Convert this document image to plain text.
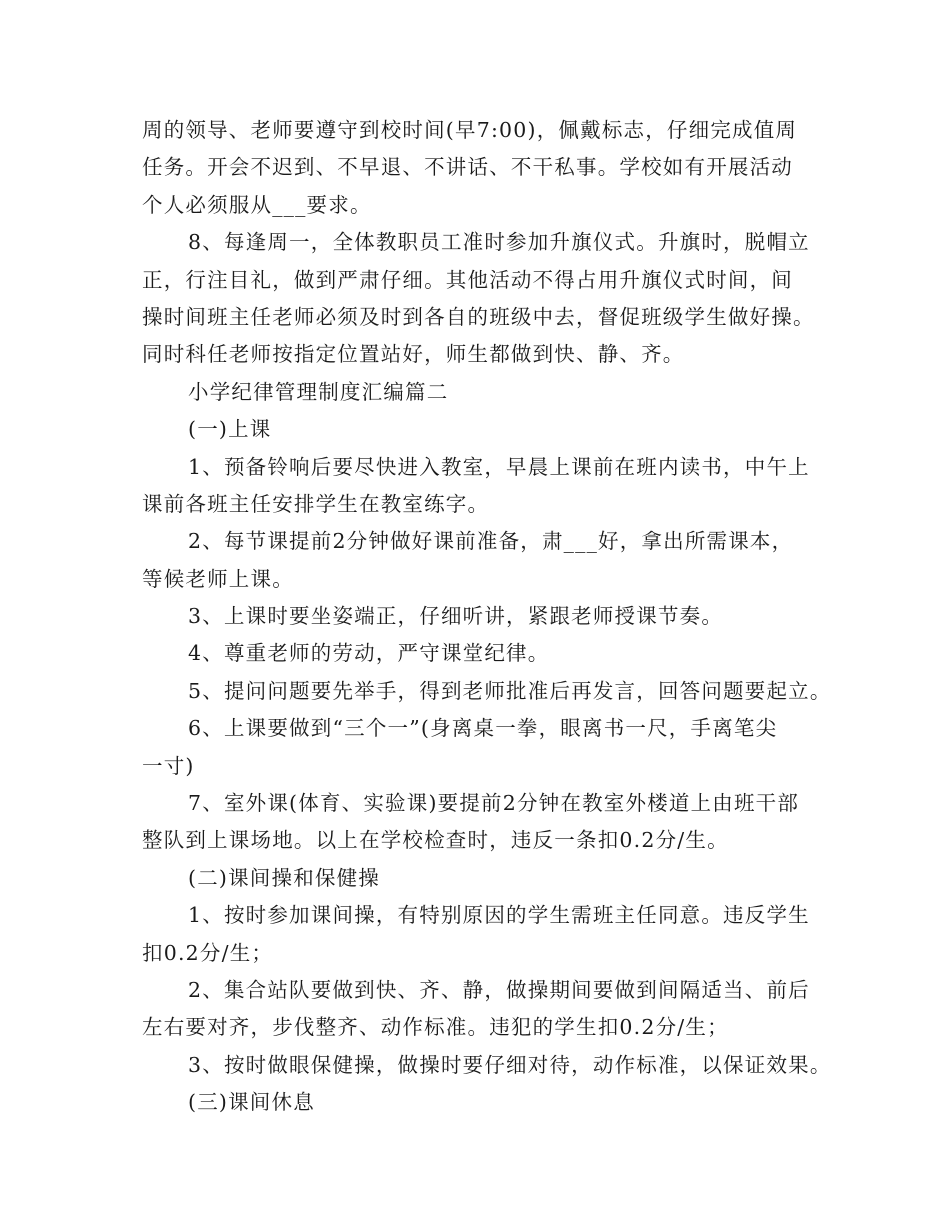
周的领导、老师要遵守到校时间(早7:00)，佩戴标志，仔细完成值周
任务。开会不迟到、不早退、不讲话、不干私事。学校如有开展活动
个人必须服从___要求。
8、每逢周一，全体教职员工准时参加升旗仪式。升旗时，脱帽立
正，行注目礼，做到严肃仔细。其他活动不得占用升旗仪式时间，间
操时间班主任老师必须及时到各自的班级中去，督促班级学生做好操。
同时科任老师按指定位置站好，师生都做到快、静、齐。
小学纪律管理制度汇编篇二
(一)上课
1、预备铃响后要尽快进入教室，早晨上课前在班内读书，中午上
课前各班主任安排学生在教室练字。
2、每节课提前2分钟做好课前准备，肃___好，拿出所需课本，
等候老师上课。
3、上课时要坐姿端正，仔细听讲，紧跟老师授课节奏。
4、尊重老师的劳动，严守课堂纪律。
5、提问问题要先举手，得到老师批准后再发言，回答问题要起立。
6、上课要做到“三个一”(身离桌一拳，眼离书一尺，手离笔尖
一寸)
7、室外课(体育、实验课)要提前2分钟在教室外楼道上由班干部
整队到上课场地。以上在学校检查时，违反一条扣0.2分/生。
(二)课间操和保健操
1、按时参加课间操，有特别原因的学生需班主任同意。违反学生
扣0.2分/生；
2、集合站队要做到快、齐、静，做操期间要做到间隔适当、前后
左右要对齐，步伐整齐、动作标准。违犯的学生扣0.2分/生；
3、按时做眼保健操，做操时要仔细对待，动作标准，以保证效果。
(三)课间休息
